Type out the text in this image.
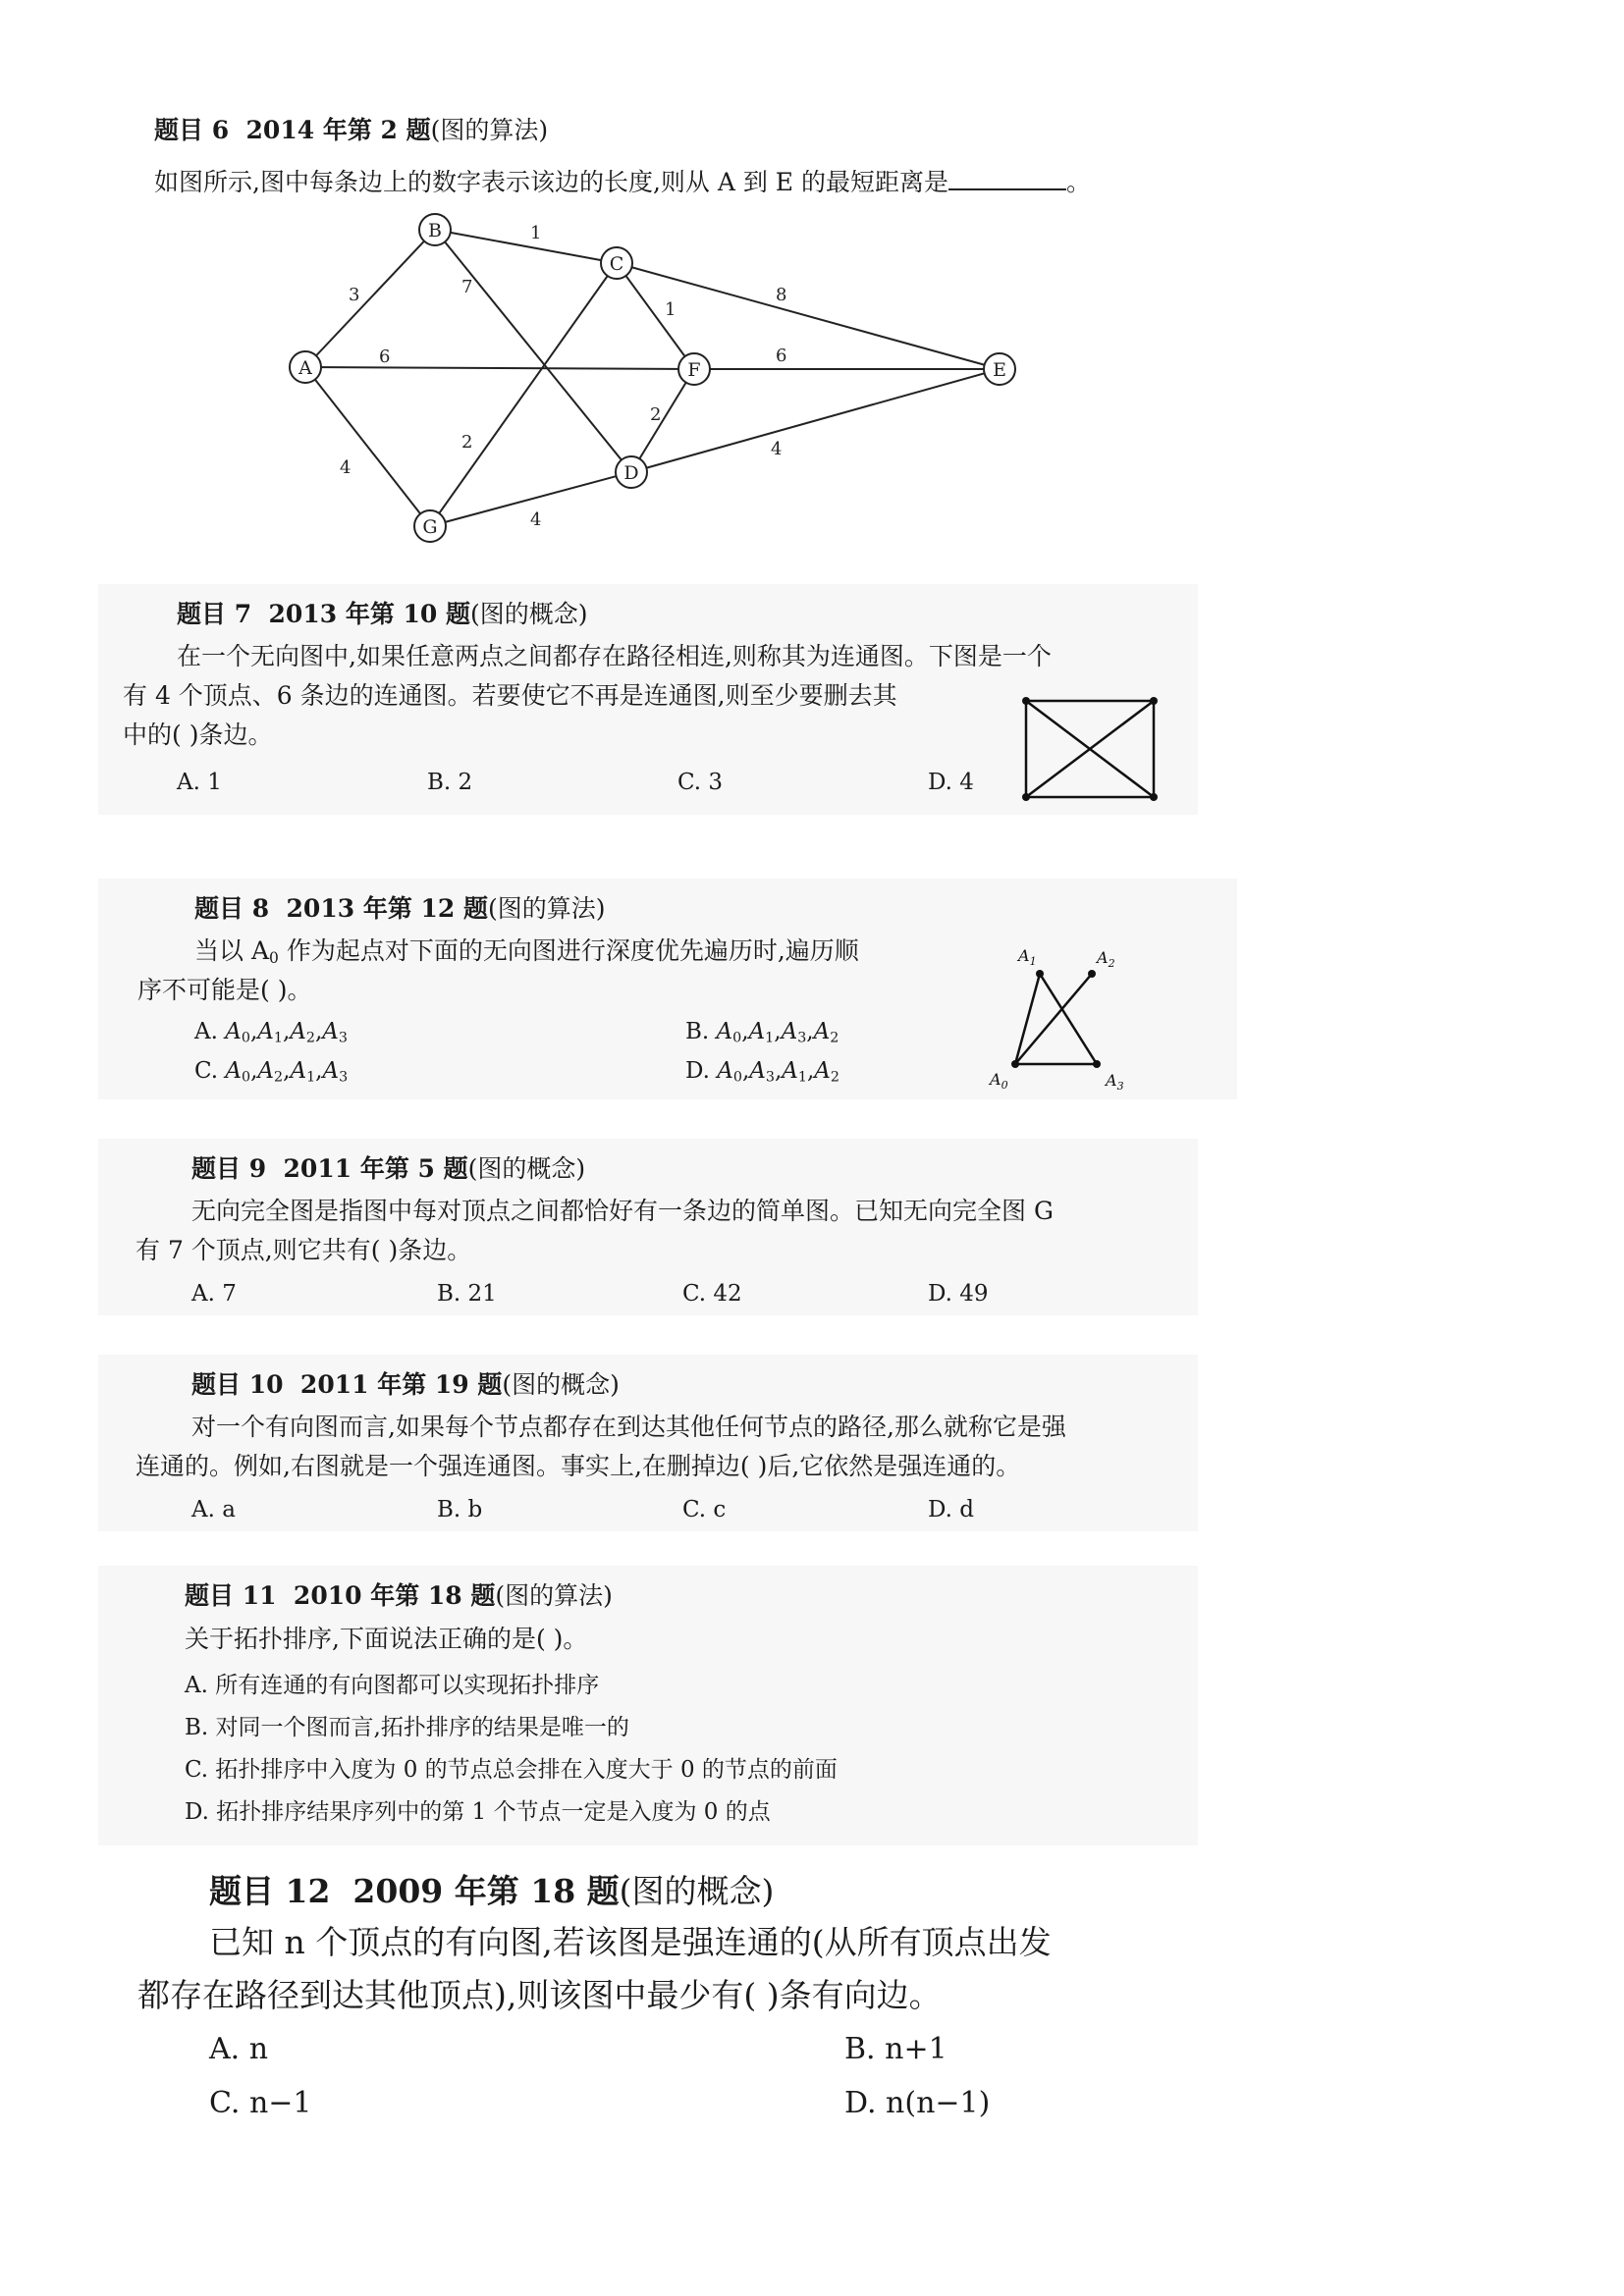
题目 6 2014 年第 2 题(图的算法)
如图所示,图中每条边上的数字表示该边的长度,则从 A 到 E 的最短距离是	。
3
1
7
6
1
8
6
2
2
4
4
4
A
B
C
F
D
G
E
题目 7 2013 年第 10 题(图的概念)
在一个无向图中,如果任意两点之间都存在路径相连,则称其为连通图。下图是一个
有 4 个顶点、6 条边的连通图。若要使它不再是连通图,则至少要删去其
中的( )条边。
A. 1	B. 2	C. 3	D. 4
题目 8 2013 年第 12 题(图的算法)
当以 $A_0$ 作为起点对下面的无向图进行深度优先遍历时,遍历顺
序不可能是( )。
A. $A_0,A_1,A_2,A_3$	B. $A_0,A_1,A_3,A_2$
C. $A_0,A_2,A_1,A_3$	D. $A_0,A_3,A_1,A_2$
$A_1$	$A_2$
$A_0$	$A_3$
题目 9 2011 年第 5 题(图的概念)
无向完全图是指图中每对顶点之间都恰好有一条边的简单图。已知无向完全图 G
有 7 个顶点,则它共有( )条边。
A. 7	B. 21	C. 42	D. 49
题目 10 2011 年第 19 题(图的概念)
对一个有向图而言,如果每个节点都存在到达其他任何节点的路径,那么就称它是强
连通的。例如,右图就是一个强连通图。事实上,在删掉边( )后,它依然是强连通的。
A. a	B. b	C. c	D. d
题目 11 2010 年第 18 题(图的算法)
关于拓扑排序,下面说法正确的是( )。
A. 所有连通的有向图都可以实现拓扑排序
B. 对同一个图而言,拓扑排序的结果是唯一的
C. 拓扑排序中入度为 0 的节点总会排在入度大于 0 的节点的前面
D. 拓扑排序结果序列中的第 1 个节点一定是入度为 0 的点
题目 12 2009 年第 18 题(图的概念)
已知 n 个顶点的有向图,若该图是强连通的(从所有顶点出发
都存在路径到达其他顶点),则该图中最少有( )条有向边。
A. n	B. n+1
C. n−1	D. n(n−1)
